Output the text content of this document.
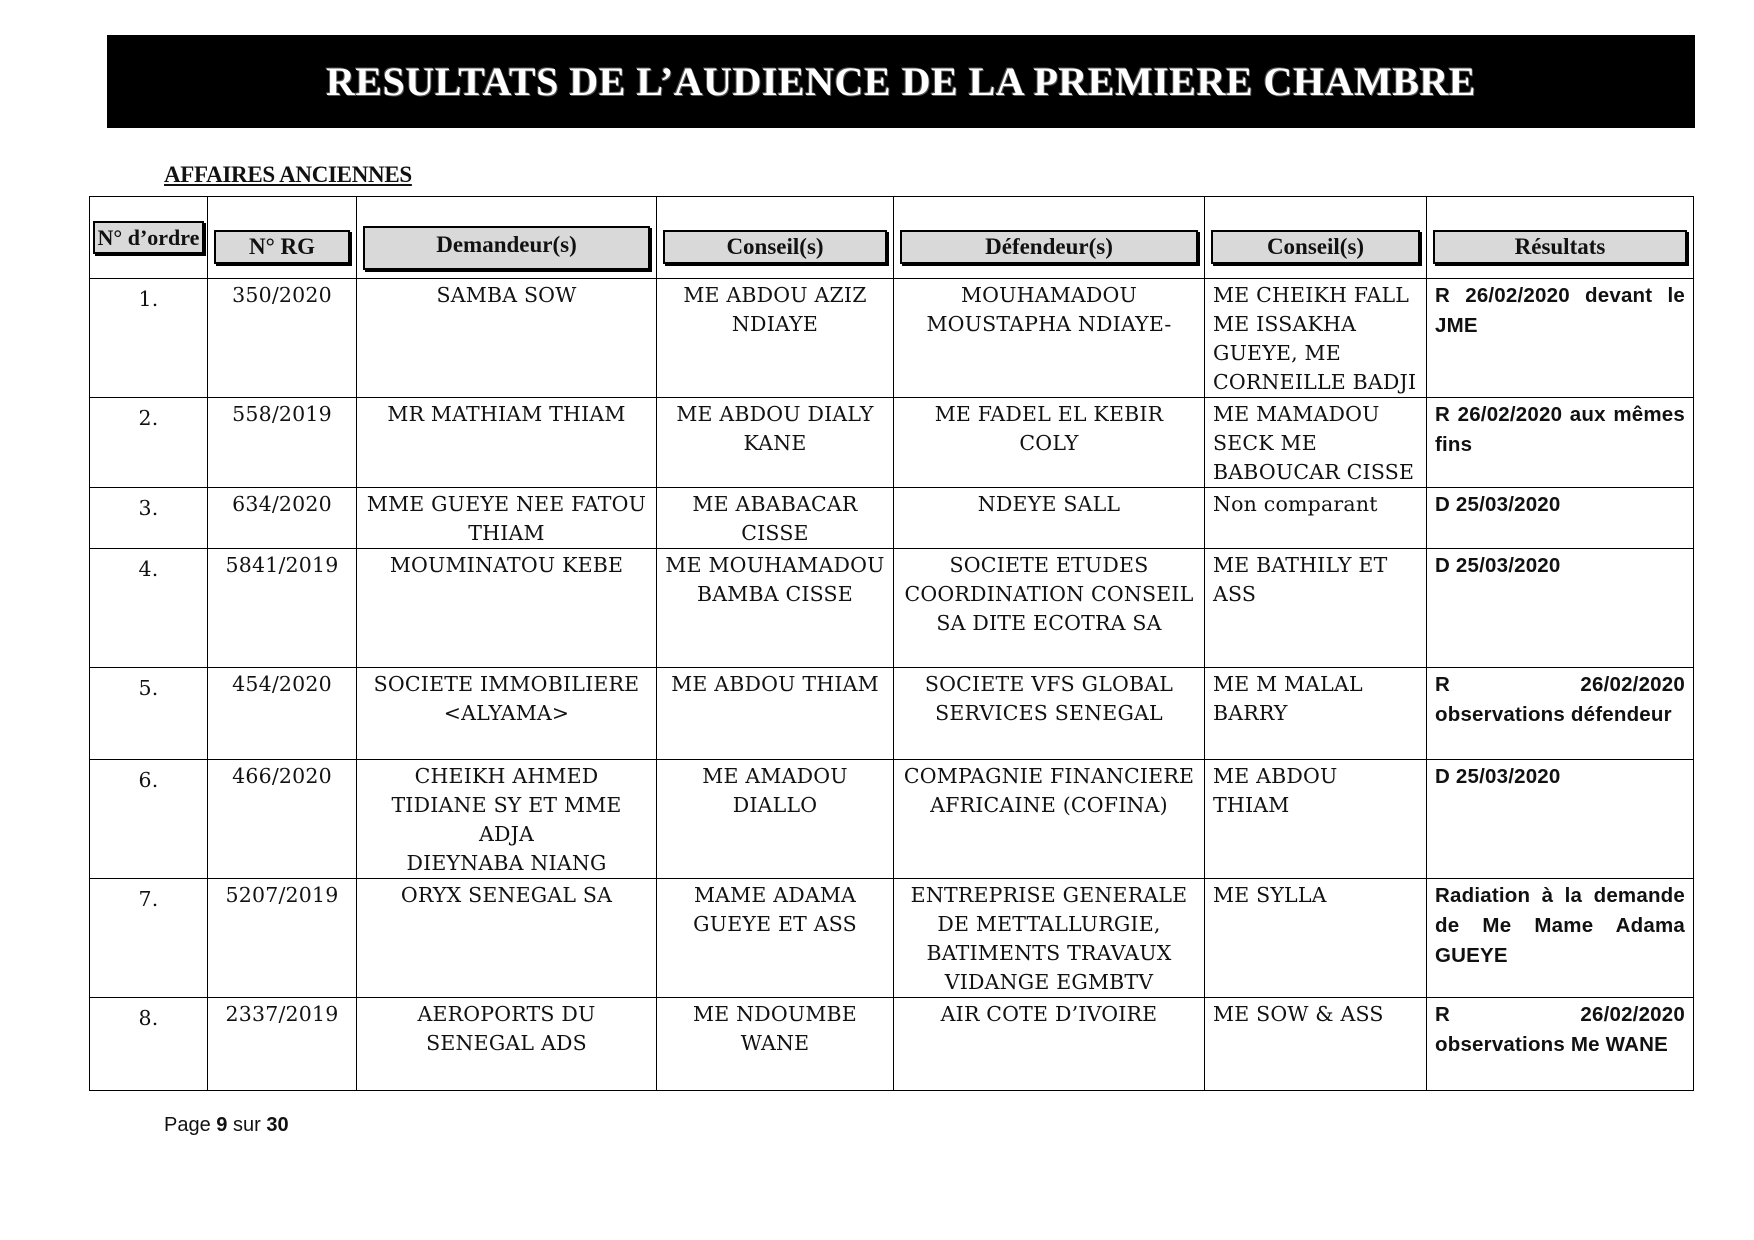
RESULTATS DE L’AUDIENCE DE LA PREMIERE CHAMBRE
AFFAIRES ANCIENNES
N° d’ordre	N° RG	Demandeur(s)	Conseil(s)	Défendeur(s)	Conseil(s)	Résultats

1.	350/2020	SAMBA SOW	ME ABDOU AZIZ NDIAYE	MOUHAMADOU MOUSTAPHA NDIAYE-	ME CHEIKH FALL ME ISSAKHA GUEYE, ME CORNEILLE BADJI	R 26/02/2020 devant le JME

2.	558/2019	MR MATHIAM THIAM	ME ABDOU DIALY KANE	ME FADEL EL KEBIR COLY	ME MAMADOU SECK ME BABOUCAR CISSE	R 26/02/2020 aux mêmes fins

3.	634/2020	MME GUEYE NEE FATOU THIAM	ME ABABACAR CISSE	NDEYE SALL	Non comparant	D 25/03/2020

4.	5841/2019	MOUMINATOU KEBE	ME MOUHAMADOU BAMBA CISSE	SOCIETE ETUDES COORDINATION CONSEIL
SA DITE ECOTRA SA	ME BATHILY ET ASS	D 25/03/2020

5.	454/2020	SOCIETE IMMOBILIERE <ALYAMA>	ME ABDOU THIAM	SOCIETE VFS GLOBAL SERVICES SENEGAL	ME M MALAL BARRY	R 26/02/2020 observations défendeur

6.	466/2020	CHEIKH AHMED TIDIANE SY ET MME ADJA
DIEYNABA NIANG	ME AMADOU DIALLO	COMPAGNIE FINANCIERE AFRICAINE (COFINA)	ME ABDOU THIAM	D 25/03/2020

7.	5207/2019	ORYX SENEGAL SA	MAME ADAMA GUEYE ET ASS	ENTREPRISE GENERALE DE METTALLURGIE, BATIMENTS TRAVAUX VIDANGE EGMBTV	ME SYLLA	Radiation à la demande de Me Mame Adama GUEYE

8.	2337/2019	AEROPORTS DU SENEGAL ADS	ME NDOUMBE WANE	AIR COTE D’IVOIRE	ME SOW & ASS	R 26/02/2020 observations Me WANE
Page 9 sur 30
